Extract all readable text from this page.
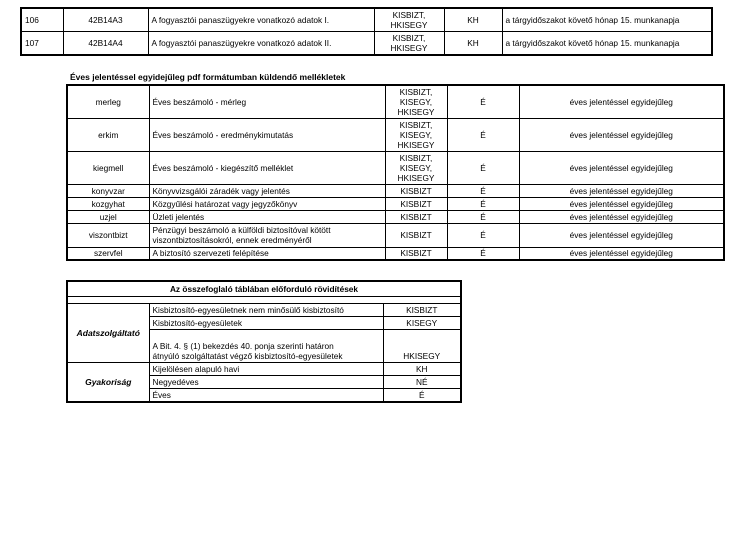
106	42B14A3	A fogyasztói panaszügyekre vonatkozó adatok I.	KISBIZT,
HKISEGY	KH	a tárgyidőszakot követő hónap 15. munkanapja
107	42B14A4	A fogyasztói panaszügyekre vonatkozó adatok II.	KISBIZT,
HKISEGY	KH	a tárgyidőszakot követő hónap 15. munkanapja
Éves jelentéssel egyidejűleg pdf formátumban küldendő mellékletek
merleg	Éves beszámoló - mérleg	KISBIZT,
KISEGY,
HKISEGY	É	éves jelentéssel egyidejűleg
erkim	Éves beszámoló - eredménykimutatás	KISBIZT,
KISEGY,
HKISEGY	É	éves jelentéssel egyidejűleg
kiegmell	Éves beszámoló - kiegészítő melléklet	KISBIZT,
KISEGY,
HKISEGY	É	éves jelentéssel egyidejűleg
konyvzar	Könyvvizsgálói záradék vagy jelentés	KISBIZT	É	éves jelentéssel egyidejűleg
kozgyhat	Közgyűlési határozat vagy jegyzőkönyv	KISBIZT	É	éves jelentéssel egyidejűleg
uzjel	Üzleti jelentés	KISBIZT	É	éves jelentéssel egyidejűleg
viszontbizt	Pénzügyi beszámoló a külföldi biztosítóval kötött
viszontbiztosításokról, ennek eredményéről	KISBIZT	É	éves jelentéssel egyidejűleg
szervfel	A biztosító szervezeti felépítése	KISBIZT	É	éves jelentéssel egyidejűleg
Az összefoglaló táblában előforduló rövidítések		

Adatszolgáltató	Kisbiztosító-egyesületnek nem minősülő kisbiztosító	KISBIZT
	Kisbiztosító-egyesületek	KISEGY
	A Bit. 4. § (1) bekezdés 40. ponja szerinti határon
átnyúló szolgáltatást végző kisbiztosító-egyesületek	HKISEGY
Gyakoriság	Kijelölésen alapuló havi	KH
	Negyedéves	NÉ
	Éves	É
